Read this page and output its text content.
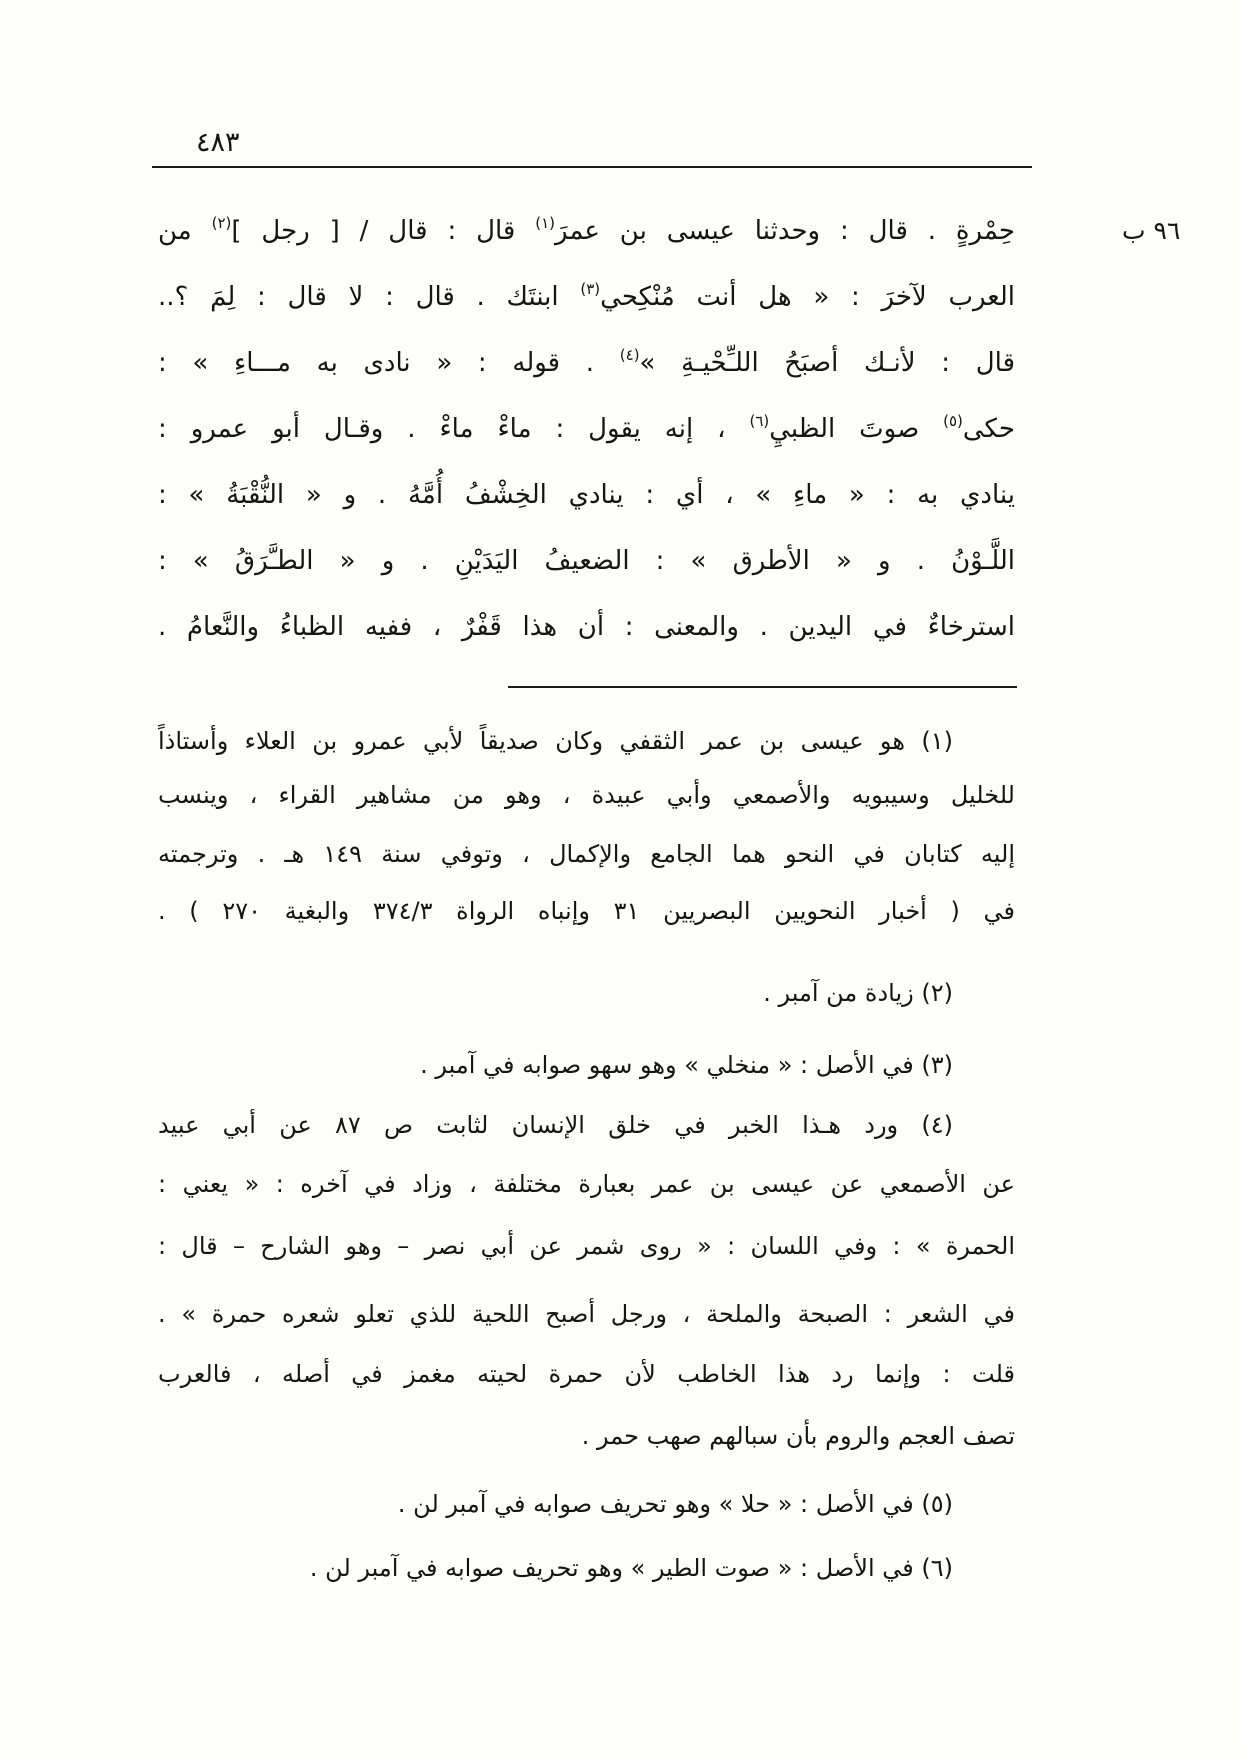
٤٨٣
٩٦ ب
حِمْرةٍ . قال : وحدثنا عيسى بن عمرَ$^{(١)}$ قال : قال / [ رجل ]$^{(٢)}$ من
العرب لآخرَ : « هل أنت مُنْكِحي$^{(٣)}$ ابنتَك . قال : لا قال : لِمَ ؟..
قال : لأنـك أصبَحُ اللـِّحْيـةِ »$^{(٤)}$ . قوله : « نادى به مـــاءِ » :
حكى$^{(٥)}$ صوتَ الظبيِ$^{(٦)}$ ، إنه يقول : ماءْ ماءْ . وقـال أبو عمرو :
ينادي به : « ماءِ » ، أي : ينادي الخِشْفُ أُمَّهُ . و « النُّقْبَةُ » :
اللَّـوْنُ . و « الأطرق » : الضعيفُ اليَدَيْنِ . و « الطـَّرَقُ » :
استرخاءٌ في اليدين . والمعنى : أن هذا قَفْرٌ ، ففيه الظباءُ والنَّعامُ .
(١) هو عيسى بن عمر الثقفي وكان صديقاً لأبي عمرو بن العلاء وأستاذاً
للخليل وسيبويه والأصمعي وأبي عبيدة ، وهو من مشاهير القراء ، وينسب
إليه كتابان في النحو هما الجامع والإكمال ، وتوفي سنة ١٤٩ هـ . وترجمته
في ( أخبار النحويين البصريين ٣١ وإنباه الرواة ٣٧٤/٣ والبغية ٢٧٠ ) .
(٢) زيادة من آمبر .
(٣) في الأصل : « منخلي » وهو سهو صوابه في آمبر .
(٤) ورد هـذا الخبر في خلق الإنسان لثابت ص ٨٧ عن أبي عبيد
عن الأصمعي عن عيسى بن عمر بعبارة مختلفة ، وزاد في آخره : « يعني :
الحمرة » : وفي اللسان : « روى شمر عن أبي نصر – وهو الشارح – قال :
في الشعر : الصبحة والملحة ، ورجل أصبح اللحية للذي تعلو شعره حمرة » .
قلت : وإنما رد هذا الخاطب لأن حمرة لحيته مغمز في أصله ، فالعرب
تصف العجم والروم بأن سبالهم صهب حمر .
(٥) في الأصل : « حلا » وهو تحريف صوابه في آمبر لن .
(٦) في الأصل : « صوت الطير » وهو تحريف صوابه في آمبر لن .
